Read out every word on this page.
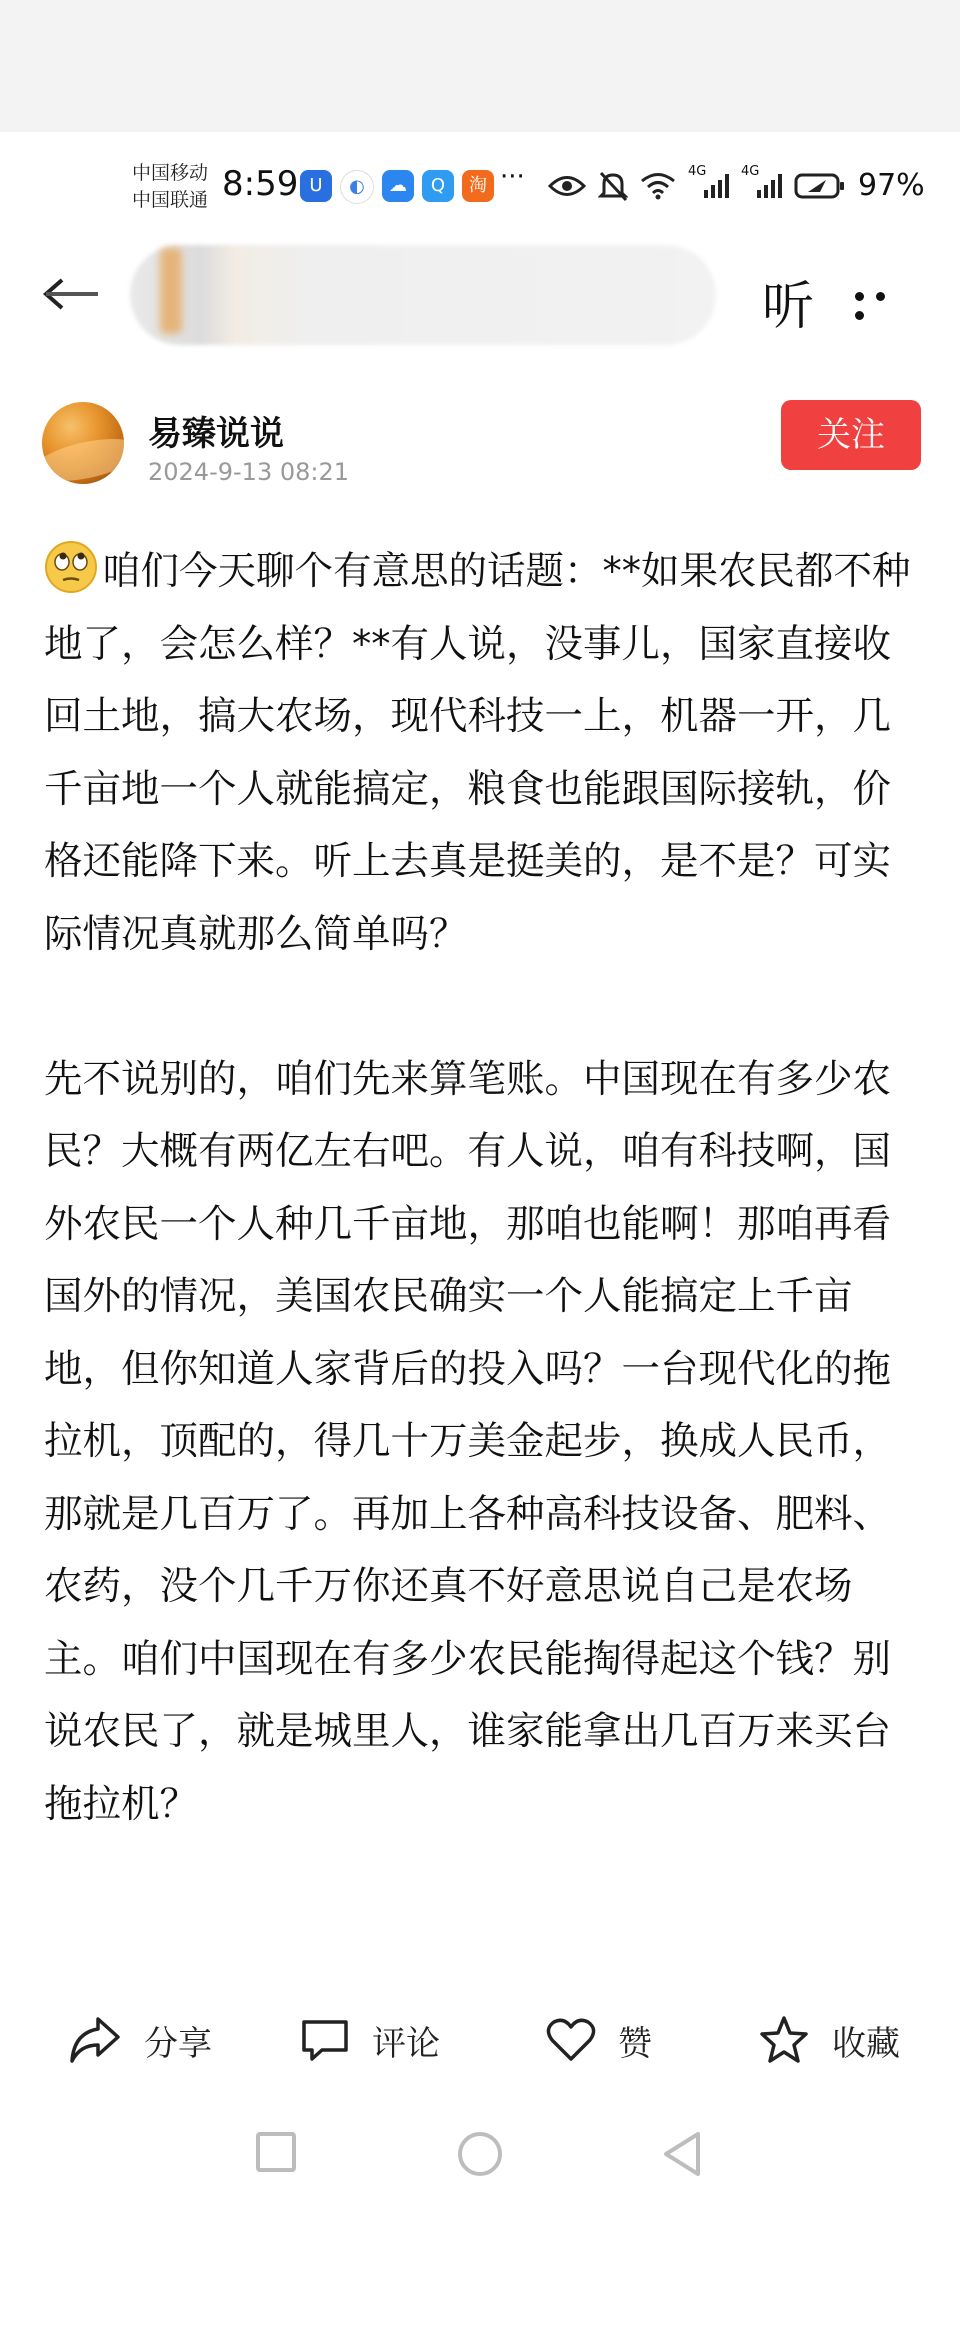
中国移动
中国联通 8:59 U	◐	☁	Q	淘 ···	4G	4G	97%
听
易臻说说
2024-9-13 08:21
关注

咱们今天聊个有意思的话题：**如果农民都不种地了，会怎么样？**有人说，没事儿，国家直接收回土地，搞大农场，现代科技一上，机器一开，几千亩地一个人就能搞定，粮食也能跟国际接轨，价格还能降下来。听上去真是挺美的，是不是？可实际情况真就那么简单吗？

先不说别的，咱们先来算笔账。中国现在有多少农民？大概有两亿左右吧。有人说，咱有科技啊，国外农民一个人种几千亩地，那咱也能啊！那咱再看国外的情况，美国农民确实一个人能搞定上千亩地，但你知道人家背后的投入吗？一台现代化的拖拉机，顶配的，得几十万美金起步，换成人民币，那就是几百万了。再加上各种高科技设备、肥料、农药，没个几千万你还真不好意思说自己是农场主。咱们中国现在有多少农民能掏得起这个钱？别说农民了，就是城里人，谁家能拿出几百万来买台拖拉机？

分享	评论	赞	收藏
